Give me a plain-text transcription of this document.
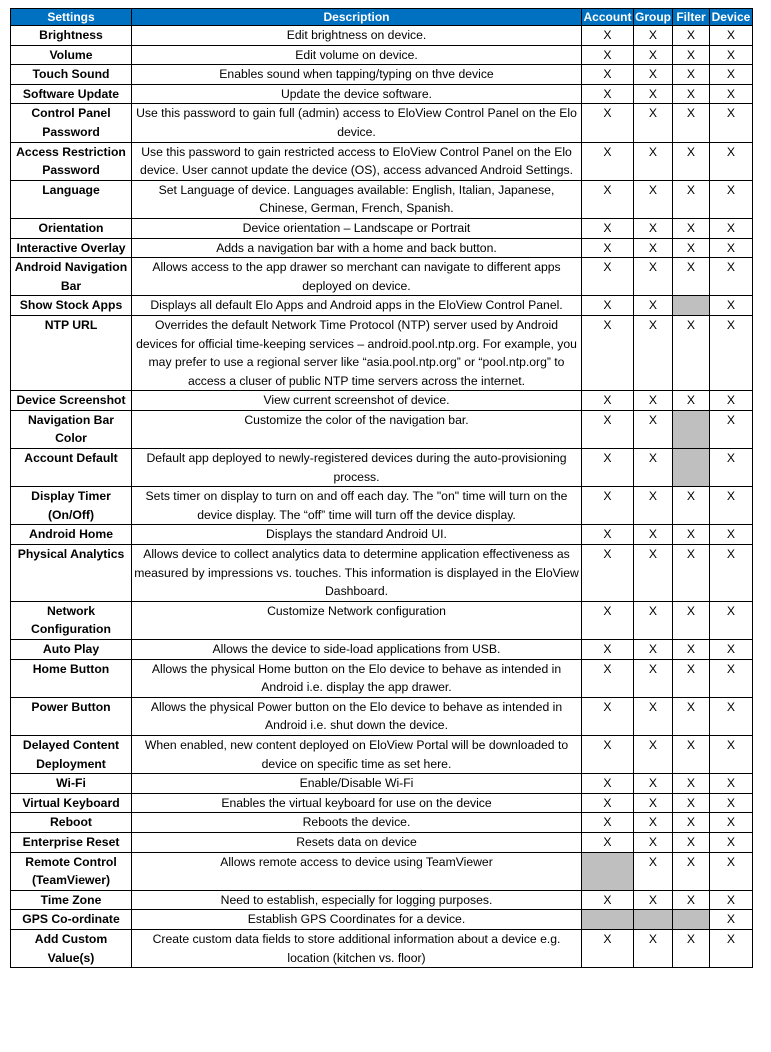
Settings	Description	Account	Group	Filter	Device
Brightness	Edit brightness on device.	X	X	X	X
Volume	Edit volume on device.	X	X	X	X
Touch Sound	Enables sound when tapping/typing on thve device	X	X	X	X
Software Update	Update the device software.	X	X	X	X
Control Panel Password	Use this password to gain full (admin) access to EloView Control Panel on the Elo device.	X	X	X	X
Access Restriction Password	Use this password to gain restricted access to EloView Control Panel on the Elo device. User cannot update the device (OS), access advanced Android Settings.	X	X	X	X
Language	Set Language of device. Languages available: English, Italian, Japanese, Chinese, German, French, Spanish.	X	X	X	X
Orientation	Device orientation – Landscape or Portrait	X	X	X	X
Interactive Overlay	Adds a navigation bar with a home and back button.	X	X	X	X
Android Navigation Bar	Allows access to the app drawer so merchant can navigate to different apps deployed on device.	X	X	X	X
Show Stock Apps	Displays all default Elo Apps and Android apps in the EloView Control Panel.	X	X		X
NTP URL	Overrides the default Network Time Protocol (NTP) server used by Android devices for official time-keeping services – android.pool.ntp.org. For example, you may prefer to use a regional server like “asia.pool.ntp.org” or “pool.ntp.org” to access a cluser of public NTP time servers across the internet.	X	X	X	X
Device Screenshot	View current screenshot of device.	X	X	X	X
Navigation Bar Color	Customize the color of the navigation bar.	X	X		X
Account Default	Default app deployed to newly-registered devices during the auto-provisioning process.	X	X		X
Display Timer (On/Off)	Sets timer on display to turn on and off each day. The "on" time will turn on the device display. The “off” time will turn off the device display.	X	X	X	X
Android Home	Displays the standard Android UI.	X	X	X	X
Physical Analytics	Allows device to collect analytics data to determine application effectiveness as measured by impressions vs. touches. This information is displayed in the EloView Dashboard.	X	X	X	X
Network Configuration	Customize Network configuration	X	X	X	X
Auto Play	Allows the device to side-load applications from USB.	X	X	X	X
Home Button	Allows the physical Home button on the Elo device to behave as intended in Android i.e. display the app drawer.	X	X	X	X
Power Button	Allows the physical Power button on the Elo device to behave as intended in Android i.e. shut down the device.	X	X	X	X
Delayed Content Deployment	When enabled, new content deployed on EloView Portal will be downloaded to device on specific time as set here.	X	X	X	X
Wi-Fi	Enable/Disable Wi-Fi	X	X	X	X
Virtual Keyboard	Enables the virtual keyboard for use on the device	X	X	X	X
Reboot	Reboots the device.	X	X	X	X
Enterprise Reset	Resets data on device	X	X	X	X
Remote Control (TeamViewer)	Allows remote access to device using TeamViewer		X	X	X
Time Zone	Need to establish, especially for logging purposes.	X	X	X	X
GPS Co-ordinate	Establish GPS Coordinates for a device.				X
Add Custom Value(s)	Create custom data fields to store additional information about a device e.g. location (kitchen vs. floor)	X	X	X	X
